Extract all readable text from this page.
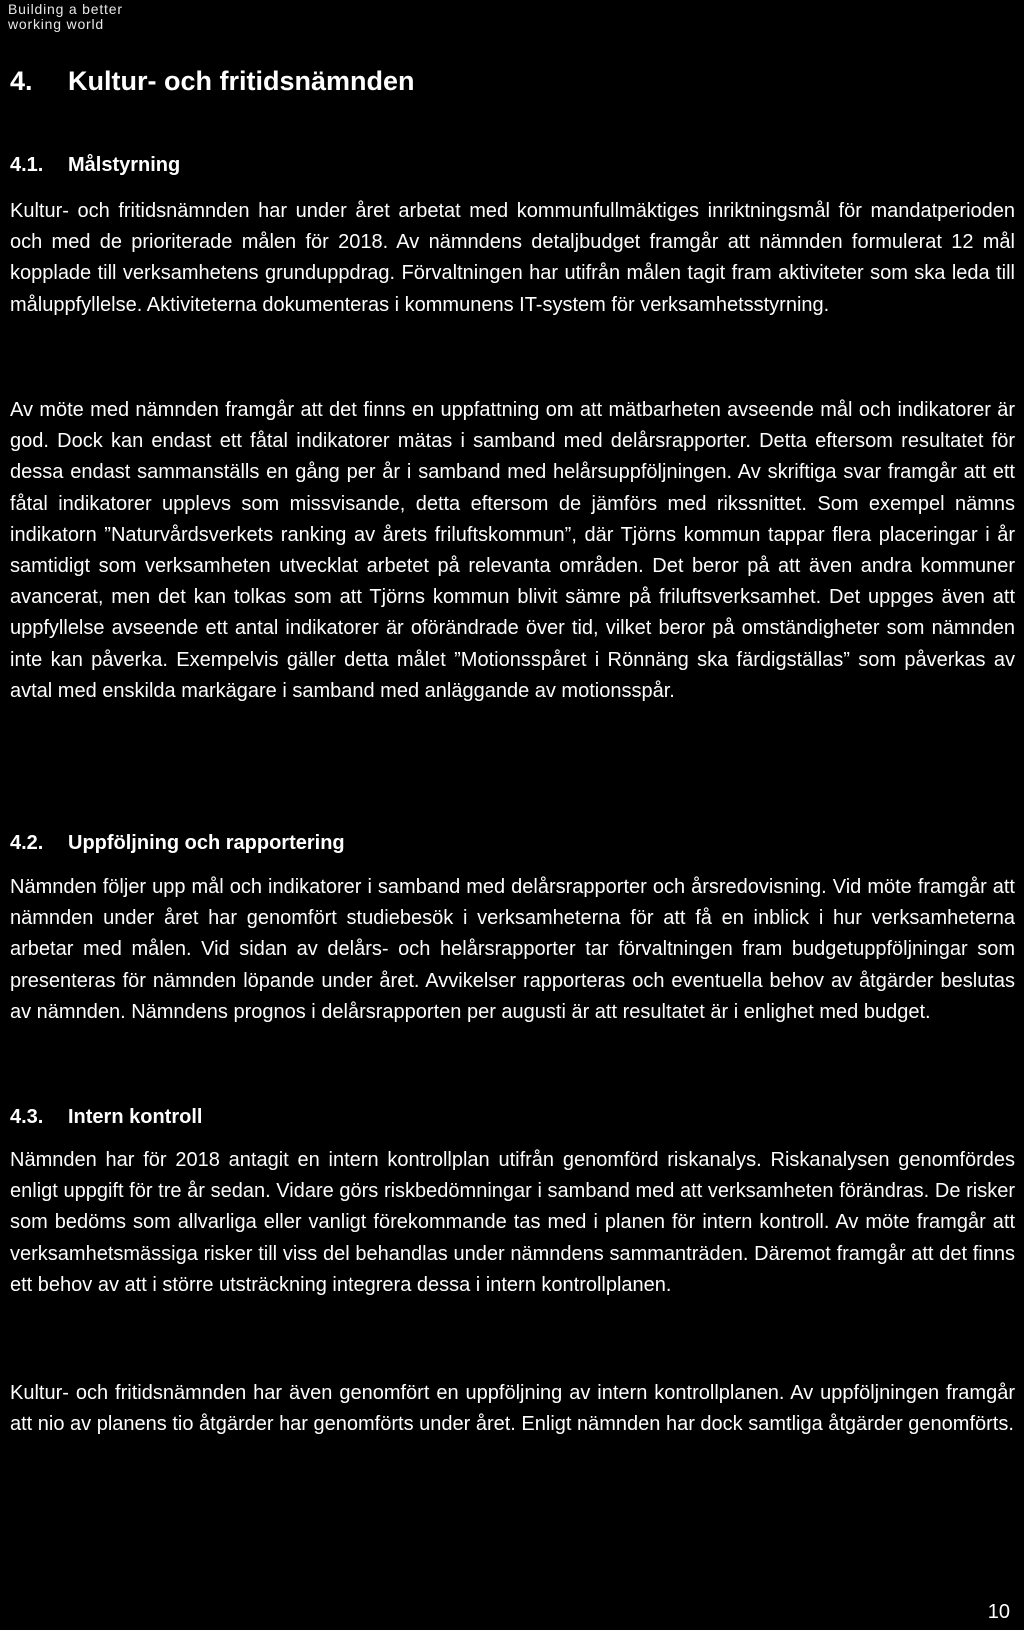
Building a better
working world
4. Kultur- och fritidsnämnden
4.1. Målstyrning

Kultur- och fritidsnämnden har under året arbetat med kommunfullmäktiges inriktningsmål för mandatperioden och med de prioriterade målen för 2018. Av nämndens detaljbudget framgår att nämnden formulerat 12 mål kopplade till verksamhetens grunduppdrag. Förvaltningen har utifrån målen tagit fram aktiviteter som ska leda till måluppfyllelse. Aktiviteterna dokumenteras i kommunens IT-system för verksamhetsstyrning.

Av möte med nämnden framgår att det finns en uppfattning om att mätbarheten avseende mål och indikatorer är god. Dock kan endast ett fåtal indikatorer mätas i samband med delårsrapporter. Detta eftersom resultatet för dessa endast sammanställs en gång per år i samband med helårsuppföljningen. Av skriftiga svar framgår att ett fåtal indikatorer upplevs som missvisande, detta eftersom de jämförs med rikssnittet. Som exempel nämns indikatorn ”Naturvårdsverkets ranking av årets friluftskommun”, där Tjörns kommun tappar flera placeringar i år samtidigt som verksamheten utvecklat arbetet på relevanta områden. Det beror på att även andra kommuner avancerat, men det kan tolkas som att Tjörns kommun blivit sämre på friluftsverksamhet. Det uppges även att uppfyllelse avseende ett antal indikatorer är oförändrade över tid, vilket beror på omständigheter som nämnden inte kan påverka. Exempelvis gäller detta målet ”Motionsspåret i Rönnäng ska färdigställas” som påverkas av avtal med enskilda markägare i samband med anläggande av motionsspår.

4.2. Uppföljning och rapportering

Nämnden följer upp mål och indikatorer i samband med delårsrapporter och årsredovisning. Vid möte framgår att nämnden under året har genomfört studiebesök i verksamheterna för att få en inblick i hur verksamheterna arbetar med målen. Vid sidan av delårs- och helårsrapporter tar förvaltningen fram budgetuppföljningar som presenteras för nämnden löpande under året. Avvikelser rapporteras och eventuella behov av åtgärder beslutas av nämnden. Nämndens prognos i delårsrapporten per augusti är att resultatet är i enlighet med budget.

4.3. Intern kontroll

Nämnden har för 2018 antagit en intern kontrollplan utifrån genomförd riskanalys. Riskanalysen genomfördes enligt uppgift för tre år sedan. Vidare görs riskbedömningar i samband med att verksamheten förändras. De risker som bedöms som allvarliga eller vanligt förekommande tas med i planen för intern kontroll. Av möte framgår att verksamhetsmässiga risker till viss del behandlas under nämndens sammanträden. Däremot framgår att det finns ett behov av att i större utsträckning integrera dessa i intern kontrollplanen.

Kultur- och fritidsnämnden har även genomfört en uppföljning av intern kontrollplanen. Av uppföljningen framgår att nio av planens tio åtgärder har genomförts under året. Enligt nämnden har dock samtliga åtgärder genomförts.

10
